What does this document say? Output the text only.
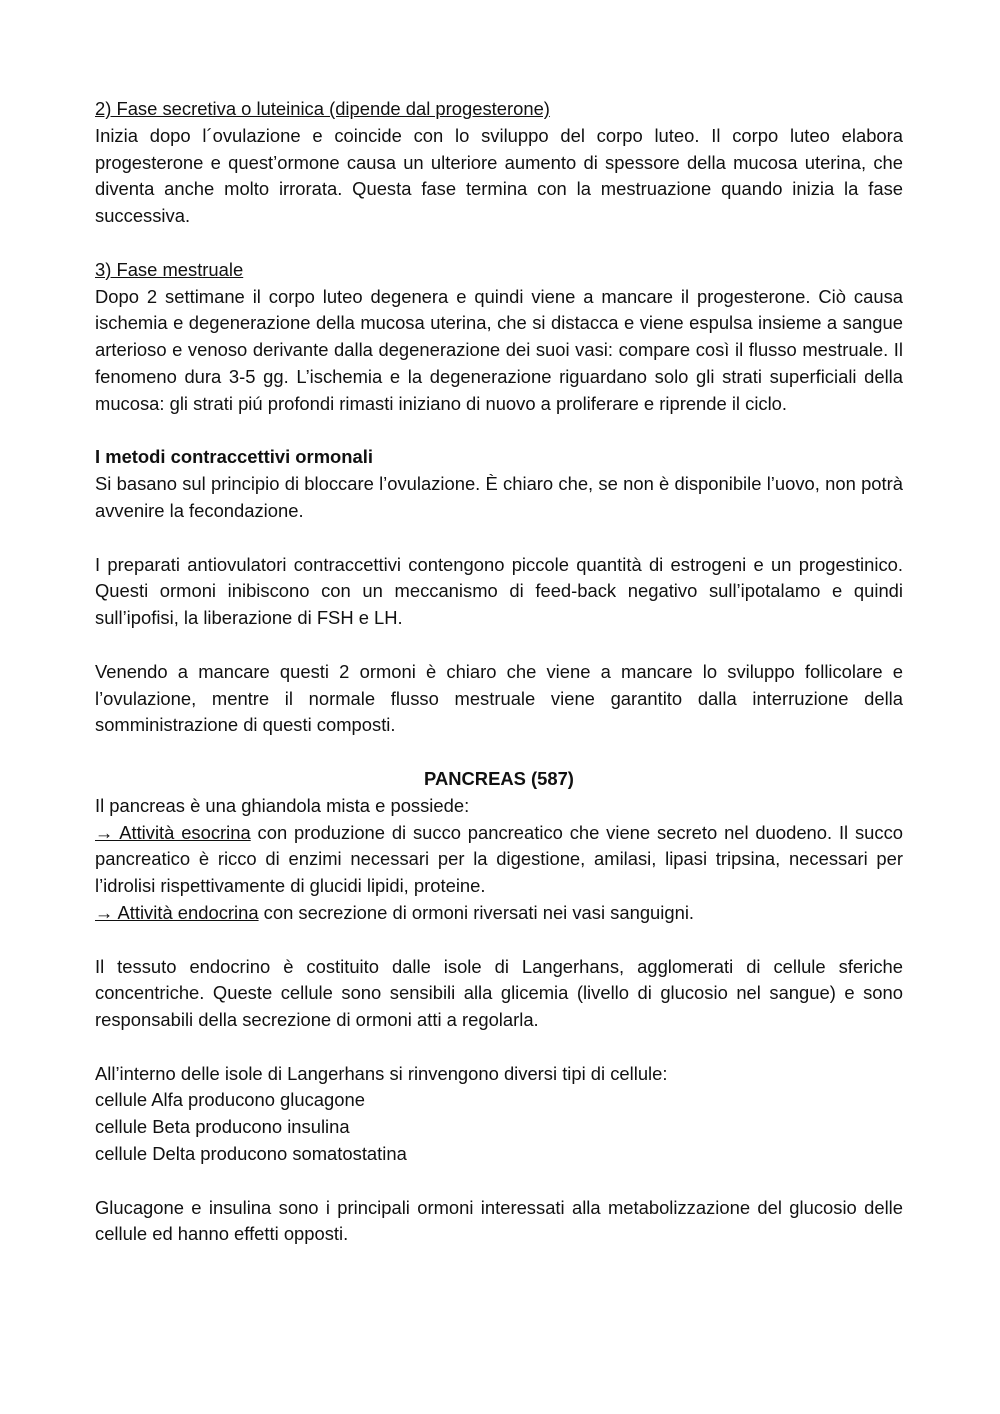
2) Fase secretiva o luteinica (dipende dal progesterone)

Inizia dopo l´ovulazione e coincide con lo sviluppo del corpo luteo. Il corpo luteo elabora progesterone e quest’ormone causa un ulteriore aumento di spessore della mucosa uterina, che diventa anche molto irrorata. Questa fase termina con la mestruazione quando inizia la fase successiva.

3) Fase mestruale

Dopo 2 settimane il corpo luteo degenera e quindi viene a mancare il progesterone. Ciò causa ischemia e degenerazione della mucosa uterina, che si distacca e viene espulsa insieme a sangue arterioso e venoso derivante dalla degenerazione dei suoi vasi: compare così il flusso mestruale. Il fenomeno dura 3-5 gg. L’ischemia e la degenerazione riguardano solo gli strati superficiali della mucosa: gli strati piú profondi rimasti iniziano di nuovo a proliferare e riprende il ciclo.

I metodi contraccettivi ormonali

Si basano sul principio di bloccare l’ovulazione. È chiaro che, se non è disponibile l’uovo, non potrà avvenire la fecondazione.

I preparati antiovulatori contraccettivi contengono piccole quantità di estrogeni e un progestinico. Questi ormoni inibiscono con un meccanismo di feed-back negativo sull’ipotalamo e quindi sull’ipofisi, la liberazione di FSH e LH.

Venendo a mancare questi 2 ormoni è chiaro che viene a mancare lo sviluppo follicolare e l’ovulazione, mentre il normale flusso mestruale viene garantito dalla interruzione della somministrazione di questi composti.

PANCREAS (587)

Il pancreas è una ghiandola mista e possiede:

→ Attività esocrina con produzione di succo pancreatico che viene secreto nel duodeno. Il succo pancreatico è ricco di enzimi necessari per la digestione, amilasi, lipasi tripsina, necessari per l’idrolisi rispettivamente di glucidi lipidi, proteine.

→ Attività endocrina con secrezione di ormoni riversati nei vasi sanguigni.

Il tessuto endocrino è costituito dalle isole di Langerhans, agglomerati di cellule sferiche concentriche. Queste cellule sono sensibili alla glicemia (livello di glucosio nel sangue) e sono responsabili della secrezione di ormoni atti a regolarla.

All’interno delle isole di Langerhans si rinvengono diversi tipi di cellule:

cellule Alfa producono glucagone

cellule Beta producono insulina

cellule Delta producono somatostatina

Glucagone e insulina sono i principali ormoni interessati alla metabolizzazione del glucosio delle cellule ed hanno effetti opposti.
